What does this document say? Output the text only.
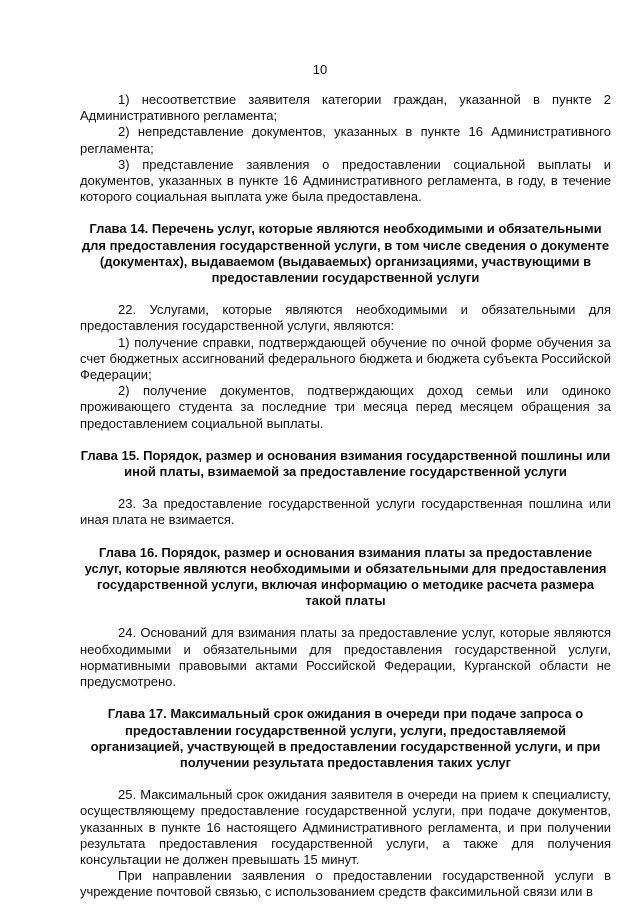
10

1) несоответствие заявителя категории граждан, указанной в пункте 2 Административного регламента;

2) непредставление документов, указанных в пункте 16 Административного регламента;

3) представление заявления о предоставлении социальной выплаты и документов, указанных в пункте 16 Административного регламента, в году, в течение которого социальная выплата уже была предоставлена.

Глава 14. Перечень услуг, которые являются необходимыми и обязательными для предоставления государственной услуги, в том числе сведения о документе (документах), выдаваемом (выдаваемых) организациями, участвующими в предоставлении государственной услуги

22. Услугами, которые являются необходимыми и обязательными для предоставления государственной услуги, являются:

1) получение справки, подтверждающей обучение по очной форме обучения за счет бюджетных ассигнований федерального бюджета и бюджета субъекта Российской Федерации;

2) получение документов, подтверждающих доход семьи или одиноко проживающего студента за последние три месяца перед месяцем обращения за предоставлением социальной выплаты.

Глава 15. Порядок, размер и основания взимания государственной пошлины или иной платы, взимаемой за предоставление государственной услуги

23. За предоставление государственной услуги государственная пошлина или иная плата не взимается.

Глава 16. Порядок, размер и основания взимания платы за предоставление услуг, которые являются необходимыми и обязательными для предоставления государственной услуги, включая информацию о методике расчета размера такой платы

24. Оснований для взимания платы за предоставление услуг, которые являются необходимыми и обязательными для предоставления государственной услуги, нормативными правовыми актами Российской Федерации, Курганской области не предусмотрено.

Глава 17. Максимальный срок ожидания в очереди при подаче запроса о предоставлении государственной услуги, услуги, предоставляемой организацией, участвующей в предоставлении государственной услуги, и при получении результата предоставления таких услуг

25. Максимальный срок ожидания заявителя в очереди на прием к специалисту, осуществляющему предоставление государственной услуги, при подаче документов, указанных в пункте 16 настоящего Административного регламента, и при получении результата предоставления государственной услуги, а также для получения консультации не должен превышать 15 минут.

При направлении заявления о предоставлении государственной услуги в учреждение почтовой связью, с использованием средств факсимильной связи или в
